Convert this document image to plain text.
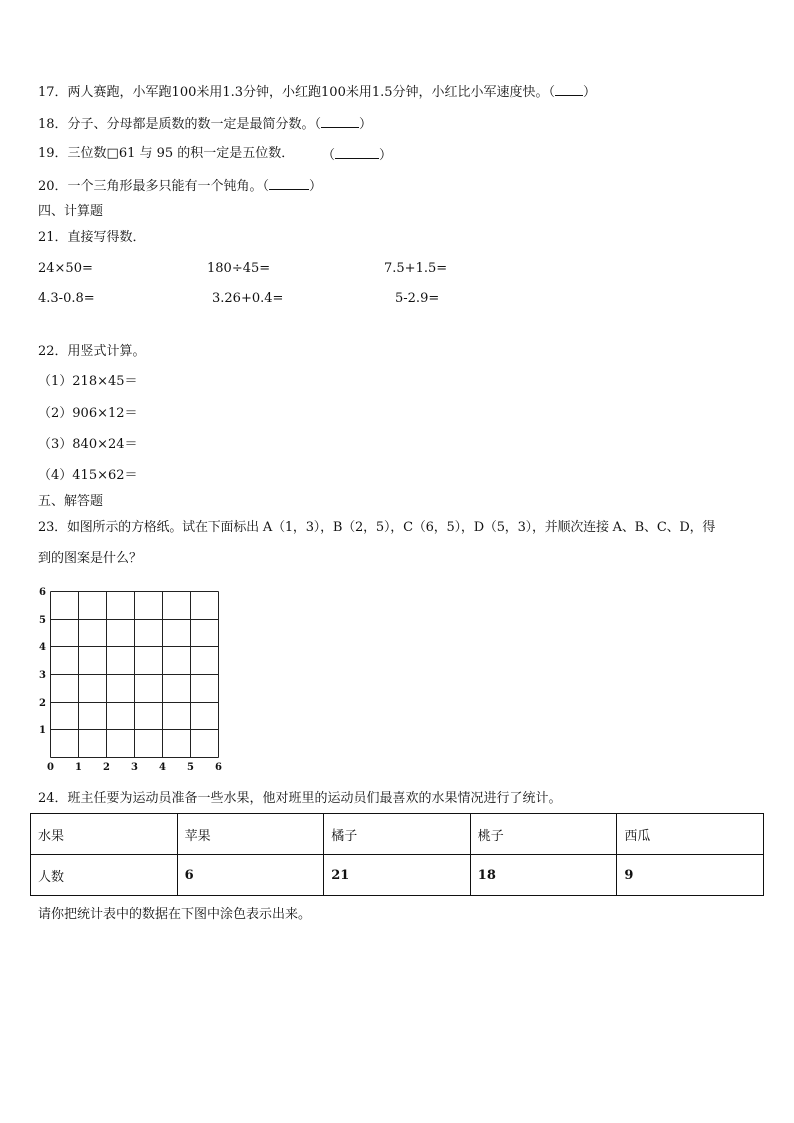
17．两人赛跑，小军跑100米用1.3分钟，小红跑100米用1.5分钟，小红比小军速度快。（ ）
18．分子、分母都是质数的数一定是最简分数。（	）
19．三位数□61 与 95 的积一定是五位数． （	）
20．一个三角形最多只能有一个钝角。（	）
四、计算题
21．直接写得数．
24×50=	180÷45=	7.5+1.5=
4.3-0.8=	3.26+0.4=	5-2.9=
22．用竖式计算。
（1）218×45＝
（2）906×12＝
（3）840×24＝
（4）415×62＝
五、解答题
23．如图所示的方格纸。试在下面标出 A（1，3），B（2，5），C（6，5），D（5，3），并顺次连接 A、B、C、D，得
到的图案是什么？
6
5
4
3
2
1
0 1 2 3 4 5 6
24．班主任要为运动员准备一些水果，他对班里的运动员们最喜欢的水果情况进行了统计。
水果	苹果	橘子	桃子	西瓜
人数	6	21	18	9
请你把统计表中的数据在下图中涂色表示出来。
